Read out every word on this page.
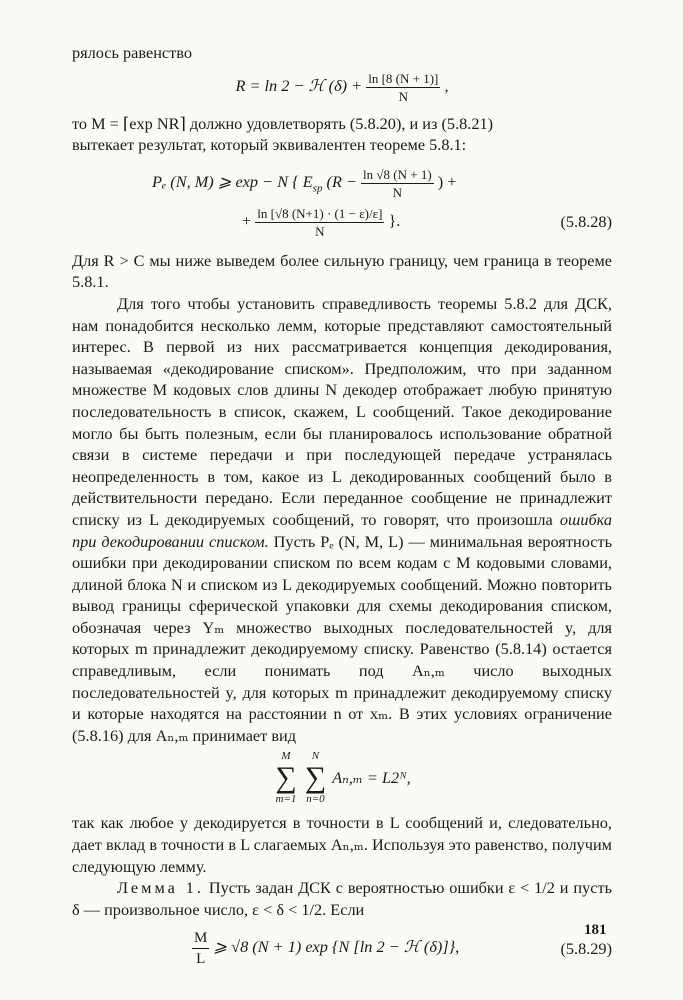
рялось равенство

R = ln 2 − ℋ $(\delta) + \frac{\ln [8 (N + 1)]}{N}$ ,

то M = ⌈exp NR⌉ должно удовлетворять (5.8.20), и из (5.8.21)

вытекает результат, который эквивалентен теореме 5.8.1:

Pₑ (N, M) ⩾ exp − N { $E_{sp}$ ($R - \frac{\ln √8 (N + 1)}{N}$ ) +
+ $\frac{\ln [√8 (N+1) \cdot (1 - \varepsilon)/\varepsilon]}{N}$ }.	(5.8.28)

Для R > C мы ниже выведем более сильную границу, чем граница в теореме 5.8.1.

Для того чтобы установить справедливость теоремы 5.8.2 для ДСК, нам понадобится несколько лемм, которые представляют самостоятельный интерес. В первой из них рассматривается концепция декодирования, называемая «декодирование списком». Предположим, что при заданном множестве M кодовых слов длины N декодер отображает любую принятую последовательность в список, скажем, L сообщений. Такое декодирование могло бы быть полезным, если бы планировалось использование обратной связи в системе передачи и при последующей передаче устранялась неопределенность в том, какое из L декодированных сообщений было в действительности передано. Если переданное сообщение не принадлежит списку из L декодируемых сообщений, то говорят, что произошла ошибка при декодировании списком. Пусть Pₑ (N, M, L) — минимальная вероятность ошибки при декодировании списком по всем кодам с M кодовыми словами, длиной блока N и списком из L декодируемых сообщений. Можно повторить вывод границы сферической упаковки для схемы декодирования списком, обозначая через Yₘ множество выходных последовательностей y, для которых m принадлежит декодируемому списку. Равенство (5.8.14) остается справедливым, если понимать под Aₙ,ₘ число выходных последовательностей y, для которых m принадлежит декодируемому списку и которые находятся на расстоянии n от xₘ. В этих условиях ограничение (5.8.16) для Aₙ,ₘ принимает вид

M
∑
m=1

N
∑
n=0
Aₙ,ₘ = L2ᴺ,

так как любое y декодируется в точности в L сообщений и, следовательно, дает вклад в точности в L слагаемых Aₙ,ₘ. Используя это равенство, получим следующую лемму.

Лемма 1. Пусть задан ДСК с вероятностью ошибки ε < 1/2 и пусть δ — произвольное число, ε < δ < 1/2. Если

$\frac{M}{L}$ ⩾ √8 (N + 1) exp {N [ln 2 − ℋ (δ)]},	(5.8.29)
181
